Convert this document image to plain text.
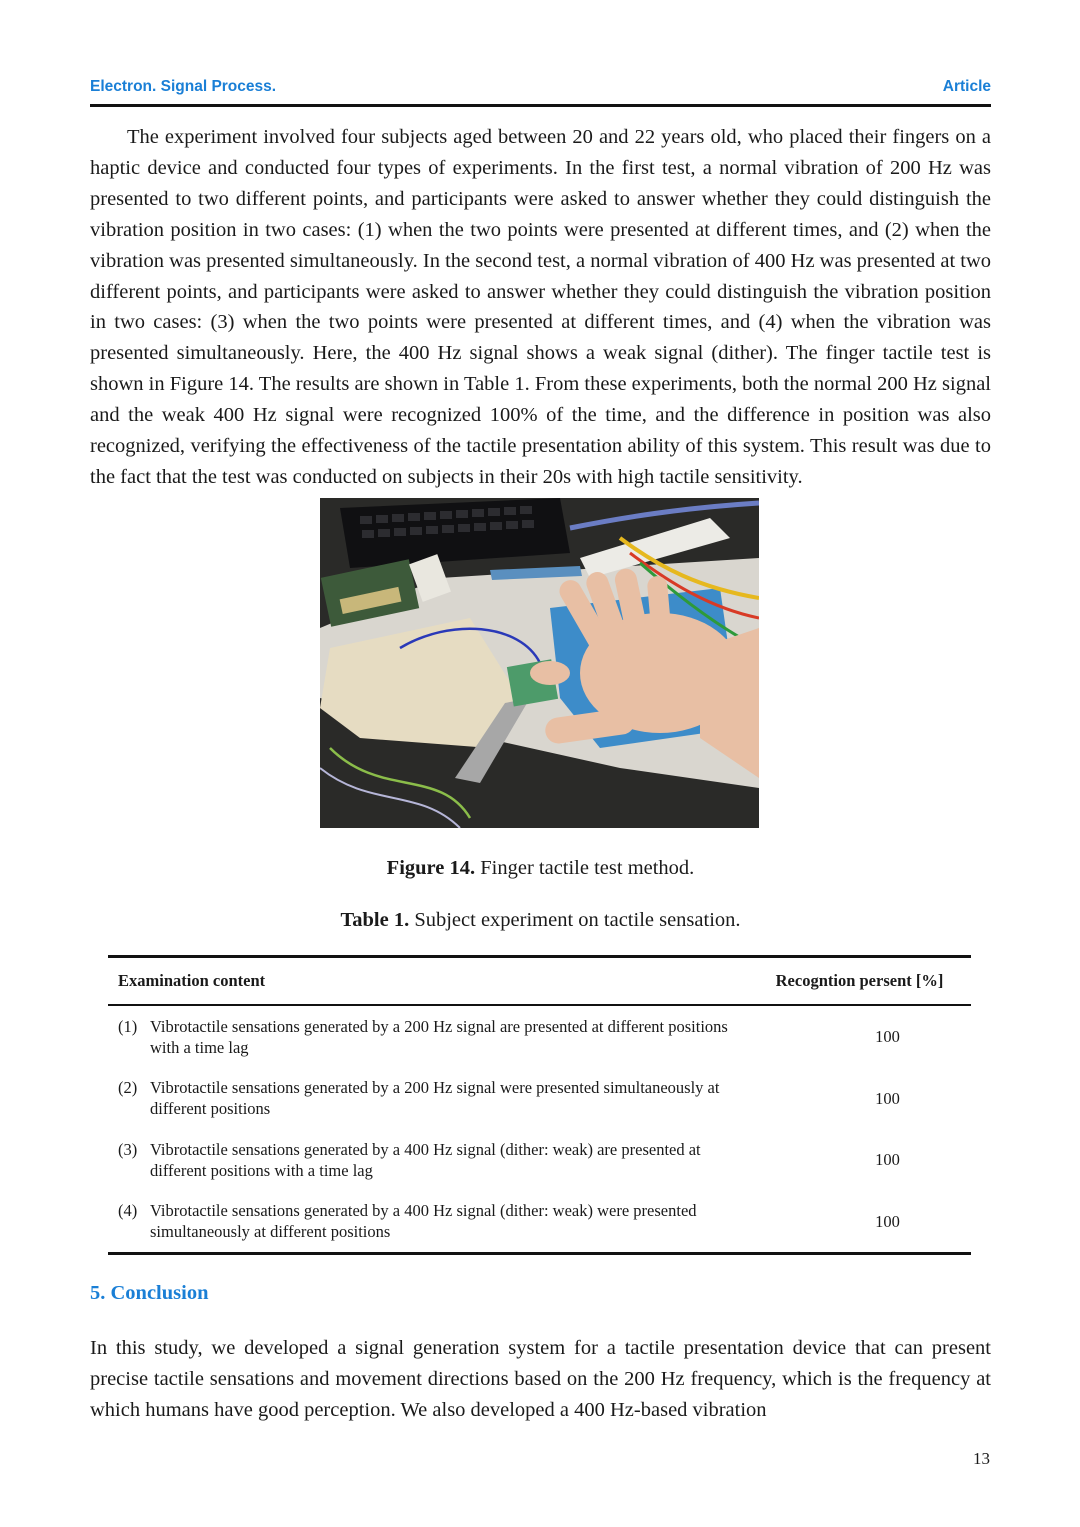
Electron. Signal Process.	Article

The experiment involved four subjects aged between 20 and 22 years old, who placed their fingers on a haptic device and conducted four types of experiments. In the first test, a normal vibration of 200 Hz was presented to two different points, and participants were asked to answer whether they could distinguish the vibration position in two cases: (1) when the two points were presented at different times, and (2) when the vibration was presented simultaneously. In the second test, a normal vibration of 400 Hz was presented at two different points, and participants were asked to answer whether they could distinguish the vibration position in two cases: (3) when the two points were presented at different times, and (4) when the vibration was presented simultaneously. Here, the 400 Hz signal shows a weak signal (dither). The finger tactile test is shown in Figure 14. The results are shown in Table 1. From these experiments, both the normal 200 Hz signal and the weak 400 Hz signal were recognized 100% of the time, and the difference in position was also recognized, verifying the effectiveness of the tactile presentation ability of this system. This result was due to the fact that the test was conducted on subjects in their 20s with high tactile sensitivity.

Figure 14. Finger tactile test method.

Table 1. Subject experiment on tactile sensation.

Examination content	Recogntion persent [%]

(1) Vibrotactile sensations generated by a 200 Hz signal are presented at different positions with a time lag	100

(2) Vibrotactile sensations generated by a 200 Hz signal were presented simultaneously at different positions	100

(3) Vibrotactile sensations generated by a 400 Hz signal (dither: weak) are presented at different positions with a time lag	100

(4) Vibrotactile sensations generated by a 400 Hz signal (dither: weak) were presented simultaneously at different positions	100
5. Conclusion

In this study, we developed a signal generation system for a tactile presentation device that can present precise tactile sensations and movement directions based on the 200 Hz frequency, which is the frequency at which humans have good perception. We also developed a 400 Hz-based vibration

13
